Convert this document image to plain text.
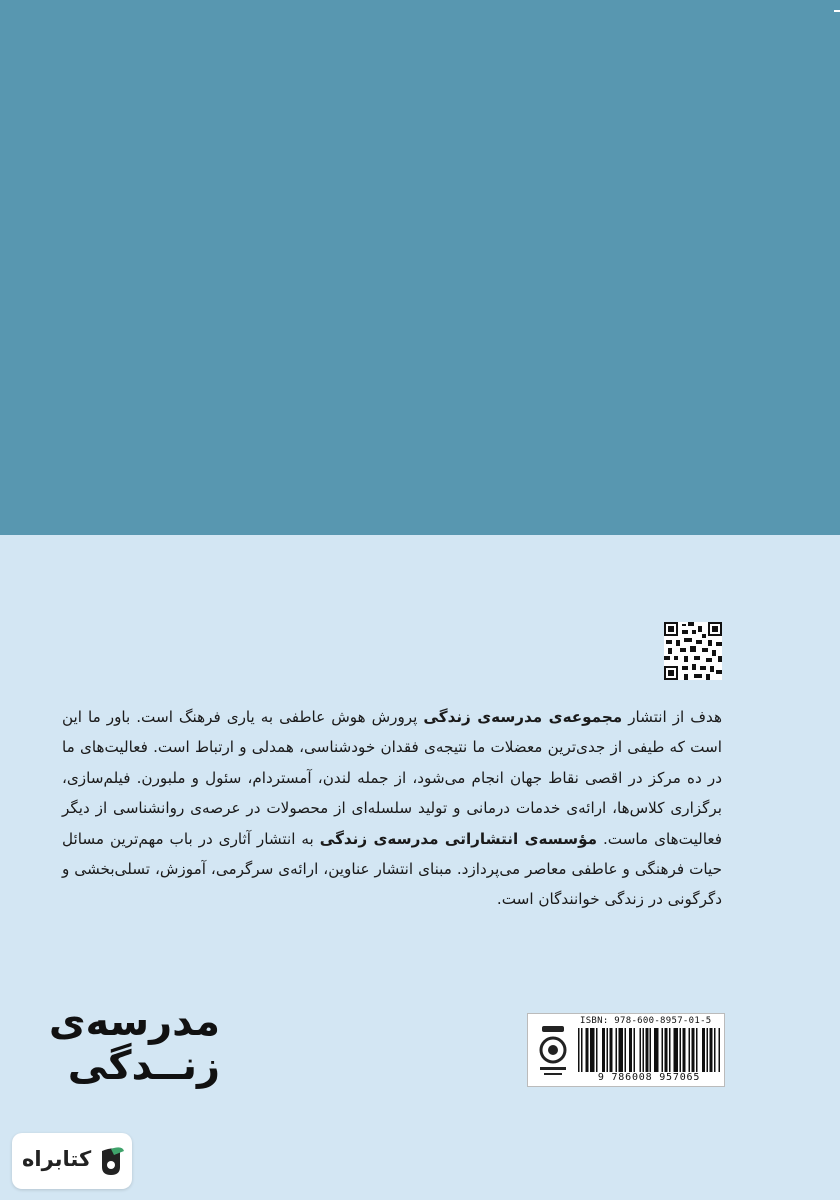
هدف از انتشار مجموعه‌ی مدرسه‌ی زندگی پرورش هوش عاطفی به یاری فرهنگ است. باور ما این است که طیفی از جدی‌ترین معضلات ما نتیجه‌ی فقدان خودشناسی، همدلی و ارتباط است. فعالیت‌های ما در ده مرکز در اقصی نقاط جهان انجام می‌شود، از جمله لندن، آمستردام، سئول و ملبورن. فیلم‌سازی، برگزاری کلاس‌ها، ارائه‌ی خدمات درمانی و تولید سلسله‌ای از محصولات در عرصه‌ی روانشناسی از دیگر فعالیت‌های ماست. مؤسسه‌ی انتشاراتی مدرسه‌ی زندگی به انتشار آثاری در باب مهم‌ترین مسائل حیات فرهنگی و عاطفی معاصر می‌پردازد. مبنای انتشار عناوین، ارائه‌ی سرگرمی، آموزش، تسلی‌بخشی و دگرگونی در زندگی خوانندگان است.
مدرسه‌ی
زنــدگی
ISBN: 978-600-8957-01-5
9 786008 957065
کتابراه
